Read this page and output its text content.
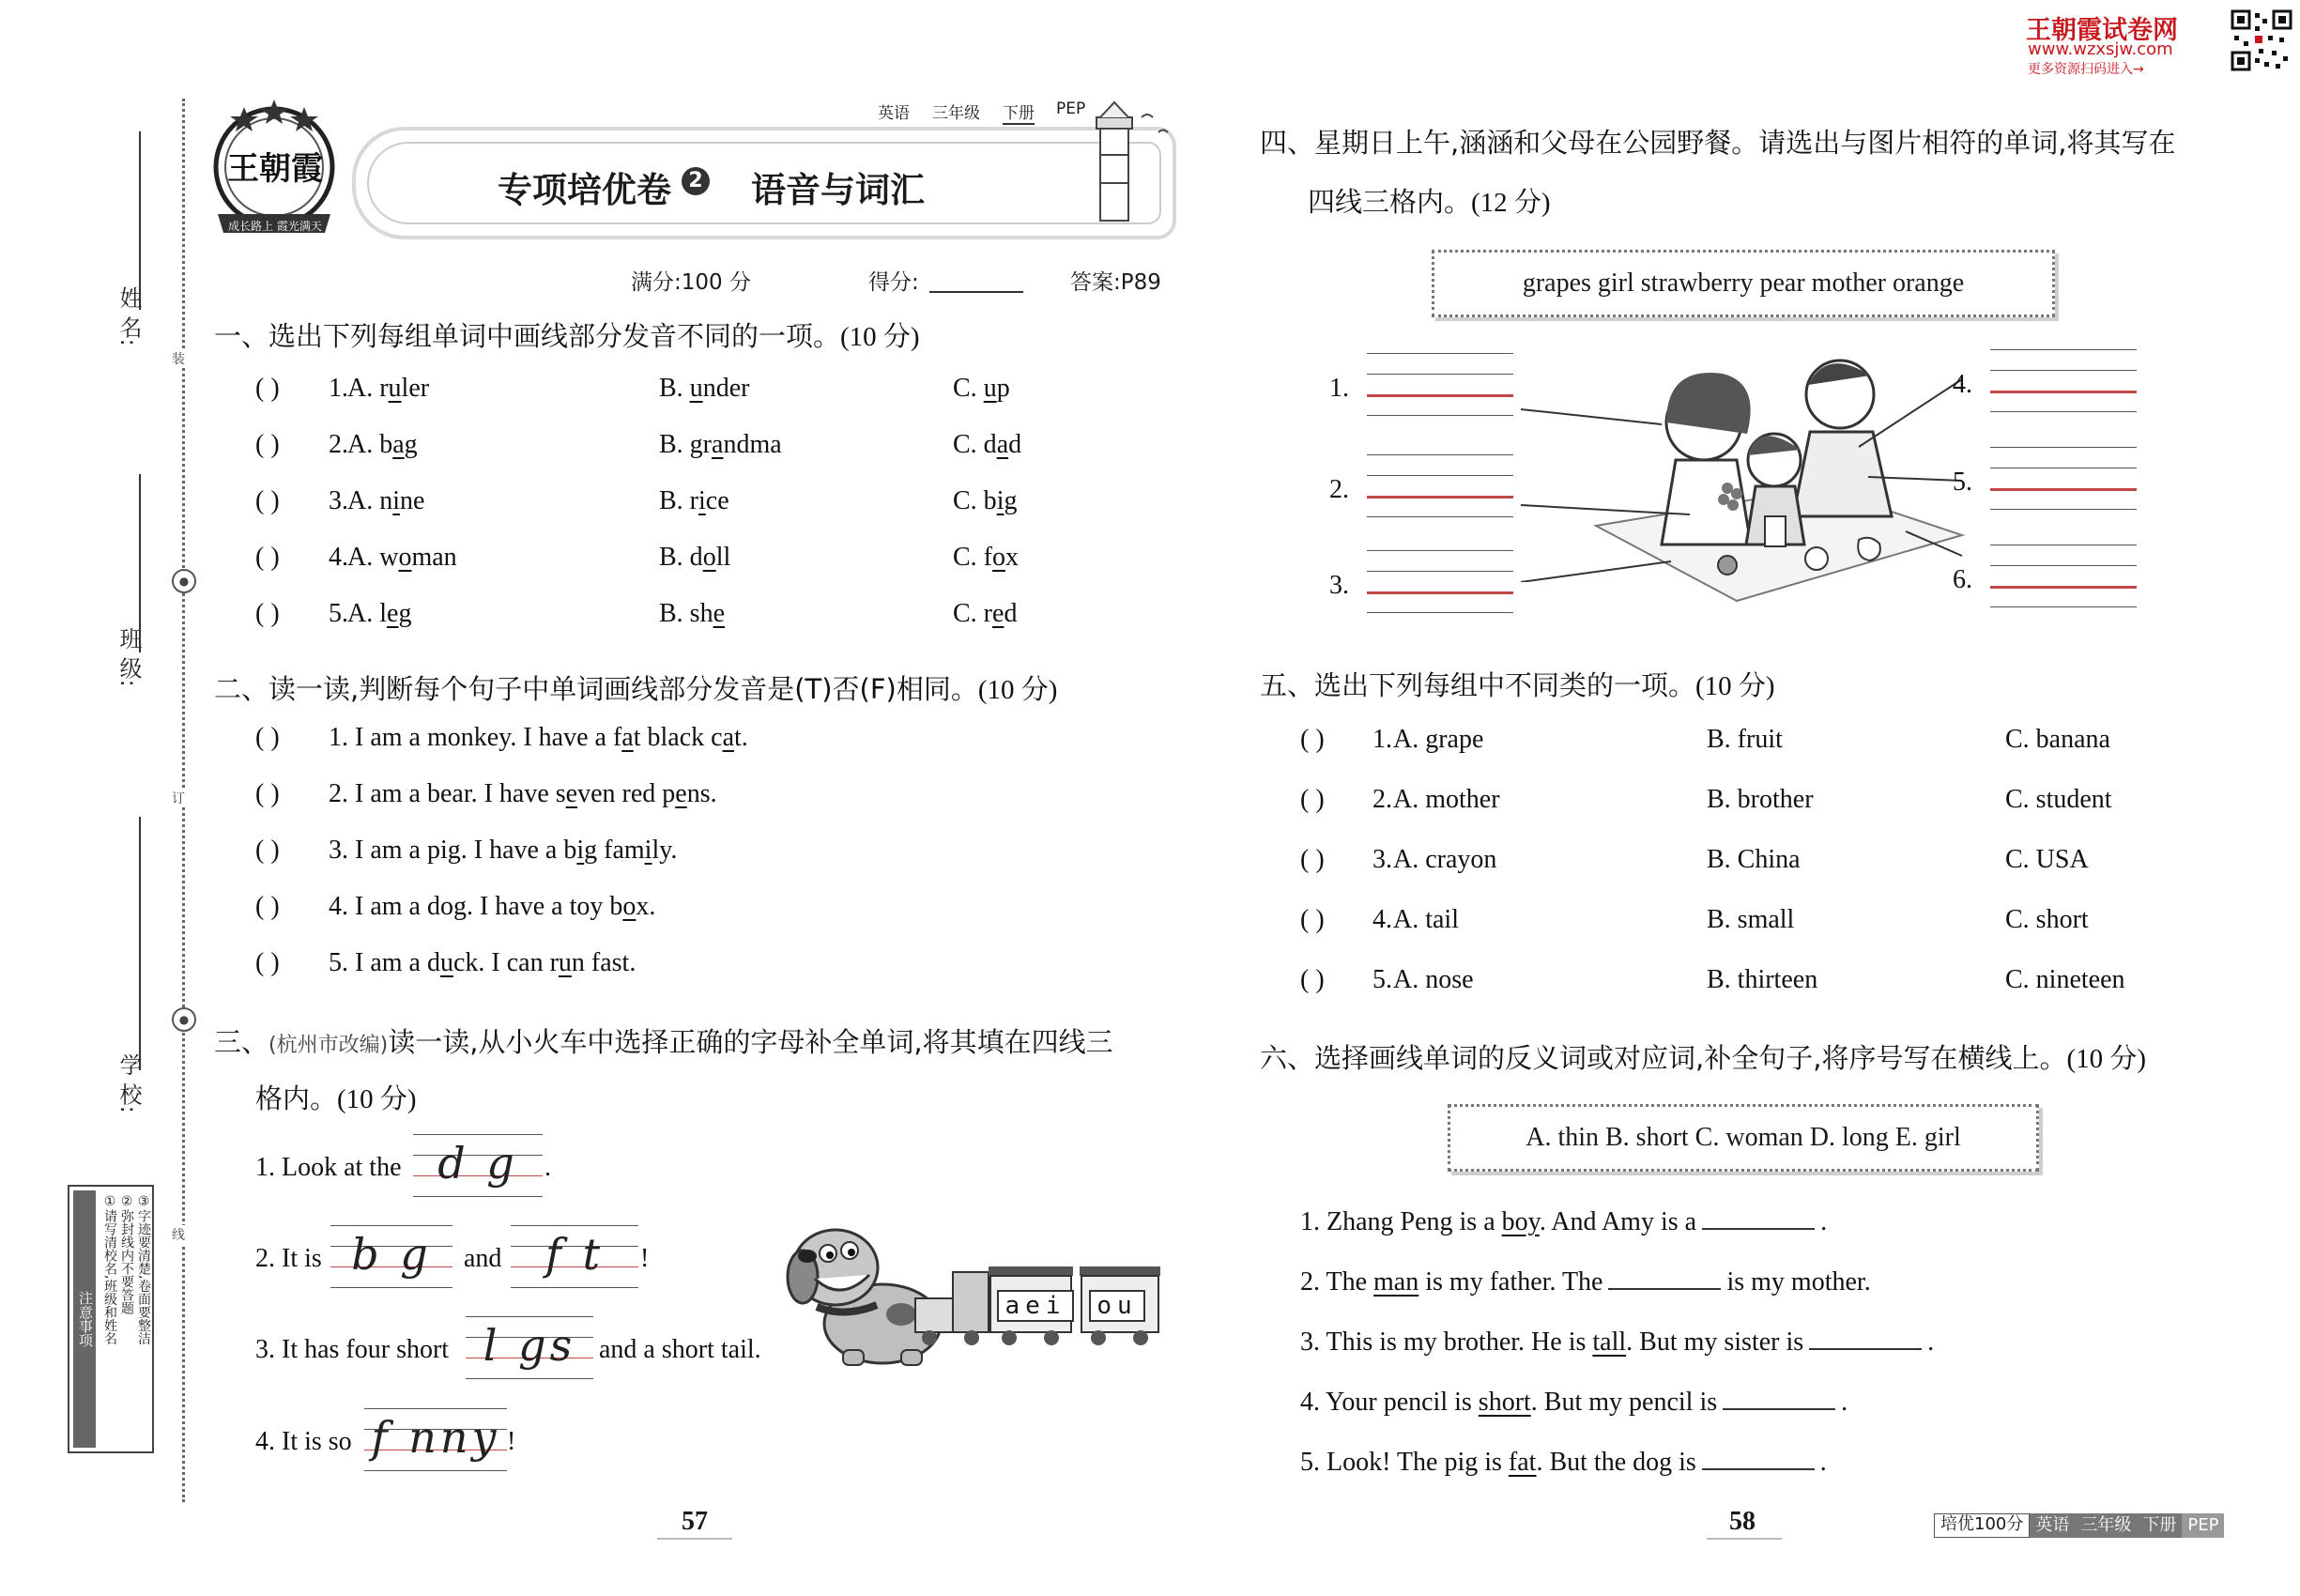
姓 名:
班 级:
学 校:
装
订
线
●
●
注意事项 ①请写清校名,班级和姓名 ②弥封线内不要答题 ③字迹要清楚,卷面要整洁
王朝霞
成长路上 霞光满天
专项培优卷 2 语音与词汇
英语 三年级 下册 PEP
满分:100 分	得分:	答案:P89
王朝霞试卷网
www.wzxsjw.com
更多资源扫码进入→
一、选出下列每组单词中画线部分发音不同的一项。(10 分)
( ) 1. A. ruler	B. under	C. up
( ) 2. A. bag	B. grandma	C. dad
( ) 3. A. nine	B. rice	C. big
( ) 4. A. woman	B. doll	C. fox
( ) 5. A. leg	B. she	C. red
二、读一读,判断每个句子中单词画线部分发音是(T)否(F)相同。(10 分)
( ) 1. I am a monkey. I have a fat black cat.
( ) 2. I am a bear. I have seven red pens.
( ) 3. I am a pig. I have a big family.
( ) 4. I am a dog. I have a toy box.
( ) 5. I am a duck. I can run fast.
三、(杭州市改编)读一读,从小火车中选择正确的字母补全单词,将其填在四线三
格内。(10 分)
1. Look at the d g	.
2. It is b g	and	f t	!
3. It has four short l gs and a short tail.
4. It is so f nny !
aei	ou
四、星期日上午,涵涵和父母在公园野餐。请选出与图片相符的单词,将其写在
四线三格内。(12 分)
grapes girl strawberry pear mother orange
1.
2.
3.
4.
5.
6.
五、选出下列每组中不同类的一项。(10 分)
( ) 1. A. grape	B. fruit	C. banana
( ) 2. A. mother	B. brother	C. student
( ) 3. A. crayon	B. China	C. USA
( ) 4. A. tail	B. small	C. short
( ) 5. A. nose	B. thirteen	C. nineteen
六、选择画线单词的反义词或对应词,补全句子,将序号写在横线上。(10 分)
A. thin B. short C. woman D. long E. girl
1. Zhang Peng is a boy. And Amy is a	.
2. The man is my father. The	is my mother.
3. This is my brother. He is tall. But my sister is	.
4. Your pencil is short. But my pencil is	.
5. Look! The pig is fat. But the dog is	.
57	58	培优100分 英语 三年级 下册 PEP
